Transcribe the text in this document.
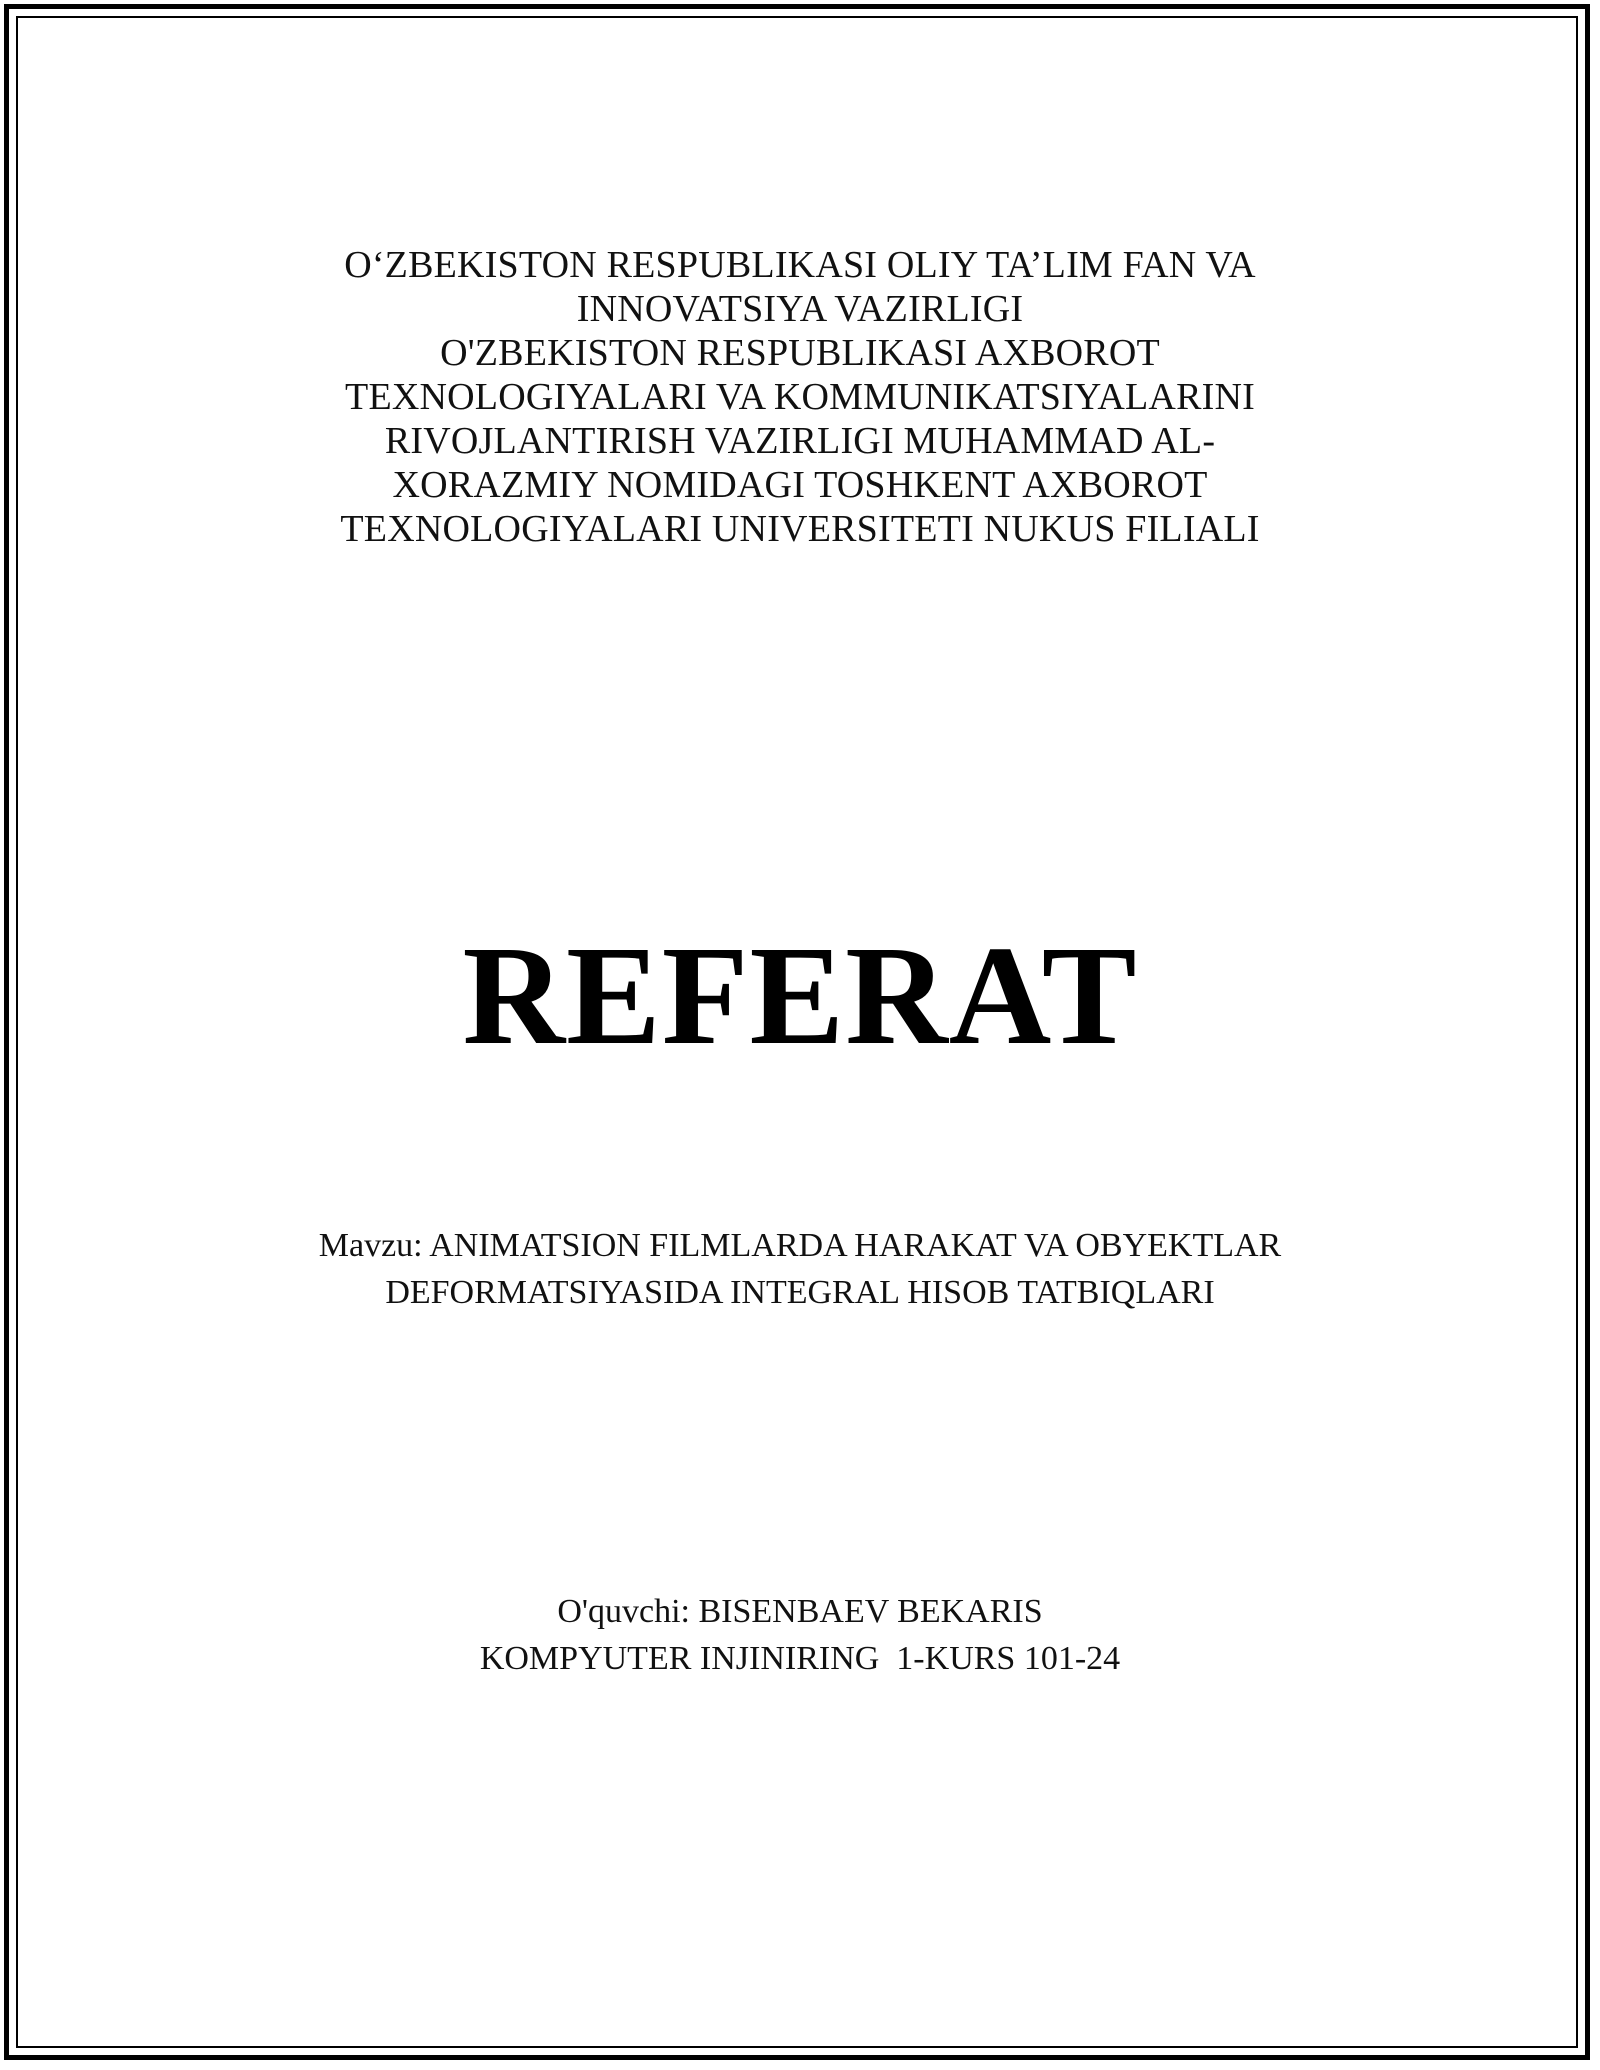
O‘ZBEKISTON RESPUBLIKASI OLIY TA’LIM FAN VA
INNOVATSIYA VAZIRLIGI
O'ZBEKISTON RESPUBLIKASI AXBOROT
TEXNOLOGIYALARI VA KOMMUNIKATSIYALARINI
RIVOJLANTIRISH VAZIRLIGI MUHAMMAD AL-
XORAZMIY NOMIDAGI TOSHKENT AXBOROT
TEXNOLOGIYALARI UNIVERSITETI NUKUS FILIALI
REFERAT
Mavzu: ANIMATSION FILMLARDA HARAKAT VA OBYEKTLAR
DEFORMATSIYASIDA INTEGRAL HISOB TATBIQLARI
O'quvchi: BISENBAEV BEKARIS
KOMPYUTER INJINIRING  1-KURS 101-24
